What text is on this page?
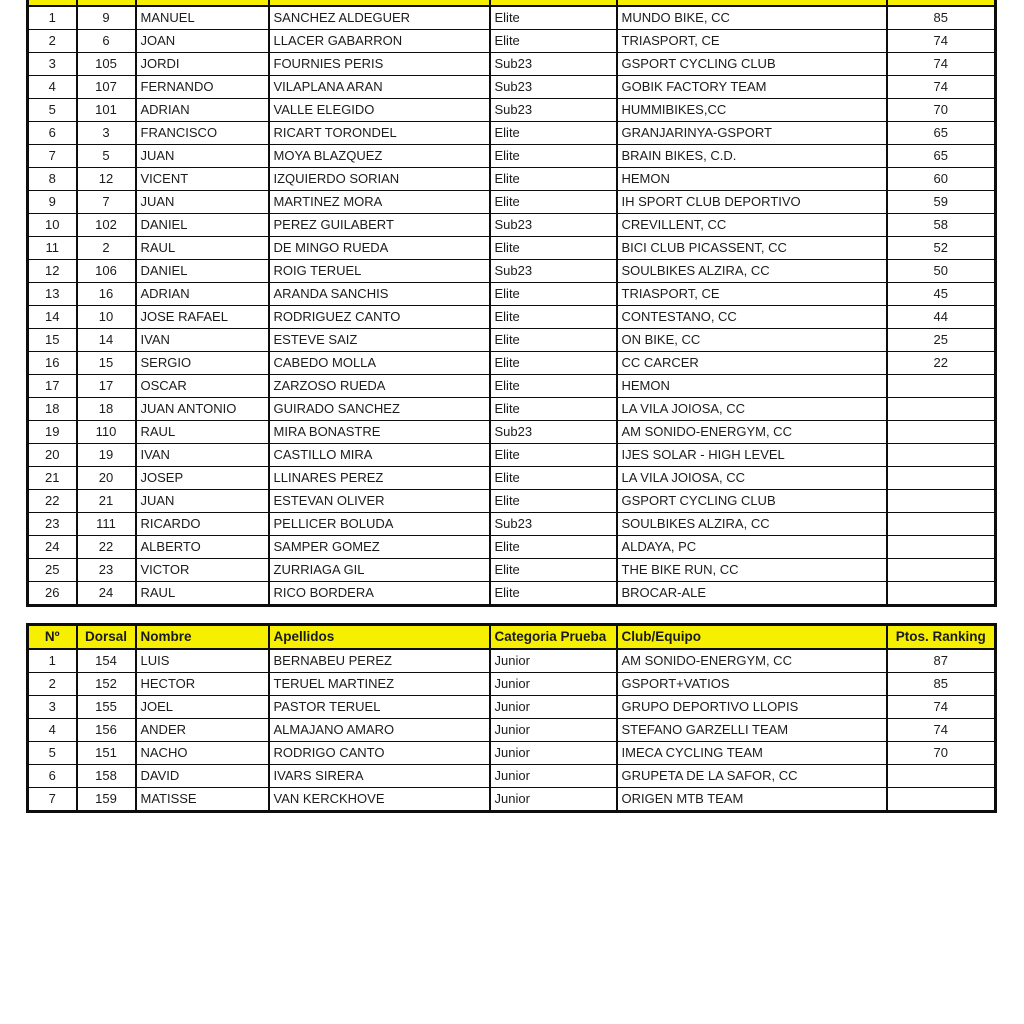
1	9	MANUEL	SANCHEZ ALDEGUER	Elite	MUNDO BIKE, CC	85
2	6	JOAN	LLACER GABARRON	Elite	TRIASPORT, CE	74
3	105	JORDI	FOURNIES PERIS	Sub23	GSPORT CYCLING CLUB	74
4	107	FERNANDO	VILAPLANA ARAN	Sub23	GOBIK FACTORY TEAM	74
5	101	ADRIAN	VALLE ELEGIDO	Sub23	HUMMIBIKES,CC	70
6	3	FRANCISCO	RICART TORONDEL	Elite	GRANJARINYA-GSPORT	65
7	5	JUAN	MOYA BLAZQUEZ	Elite	BRAIN BIKES, C.D.	65
8	12	VICENT	IZQUIERDO SORIAN	Elite	HEMON	60
9	7	JUAN	MARTINEZ MORA	Elite	IH SPORT CLUB DEPORTIVO	59
10	102	DANIEL	PEREZ GUILABERT	Sub23	CREVILLENT, CC	58
11	2	RAUL	DE MINGO RUEDA	Elite	BICI CLUB PICASSENT, CC	52
12	106	DANIEL	ROIG TERUEL	Sub23	SOULBIKES ALZIRA, CC	50
13	16	ADRIAN	ARANDA SANCHIS	Elite	TRIASPORT, CE	45
14	10	JOSE RAFAEL	RODRIGUEZ CANTO	Elite	CONTESTANO, CC	44
15	14	IVAN	ESTEVE SAIZ	Elite	ON BIKE, CC	25
16	15	SERGIO	CABEDO MOLLA	Elite	CC CARCER	22
17	17	OSCAR	ZARZOSO RUEDA	Elite	HEMON	
18	18	JUAN ANTONIO	GUIRADO SANCHEZ	Elite	LA VILA JOIOSA, CC	
19	110	RAUL	MIRA BONASTRE	Sub23	AM SONIDO-ENERGYM, CC	
20	19	IVAN	CASTILLO MIRA	Elite	IJES SOLAR - HIGH LEVEL	
21	20	JOSEP	LLINARES PEREZ	Elite	LA VILA JOIOSA, CC	
22	21	JUAN	ESTEVAN OLIVER	Elite	GSPORT CYCLING CLUB	
23	111	RICARDO	PELLICER BOLUDA	Sub23	SOULBIKES ALZIRA, CC	
24	22	ALBERTO	SAMPER GOMEZ	Elite	ALDAYA, PC	
25	23	VICTOR	ZURRIAGA GIL	Elite	THE BIKE RUN, CC	
26	24	RAUL	RICO BORDERA	Elite	BROCAR-ALE	
Nº	Dorsal	Nombre	Apellidos	Categoria Prueba	Club/Equipo	Ptos. Ranking
1	154	LUIS	BERNABEU PEREZ	Junior	AM SONIDO-ENERGYM, CC	87
2	152	HECTOR	TERUEL MARTINEZ	Junior	GSPORT+VATIOS	85
3	155	JOEL	PASTOR TERUEL	Junior	GRUPO DEPORTIVO LLOPIS	74
4	156	ANDER	ALMAJANO AMARO	Junior	STEFANO GARZELLI TEAM	74
5	151	NACHO	RODRIGO CANTO	Junior	IMECA CYCLING TEAM	70
6	158	DAVID	IVARS SIRERA	Junior	GRUPETA DE LA SAFOR, CC	
7	159	MATISSE	VAN KERCKHOVE	Junior	ORIGEN MTB TEAM	
